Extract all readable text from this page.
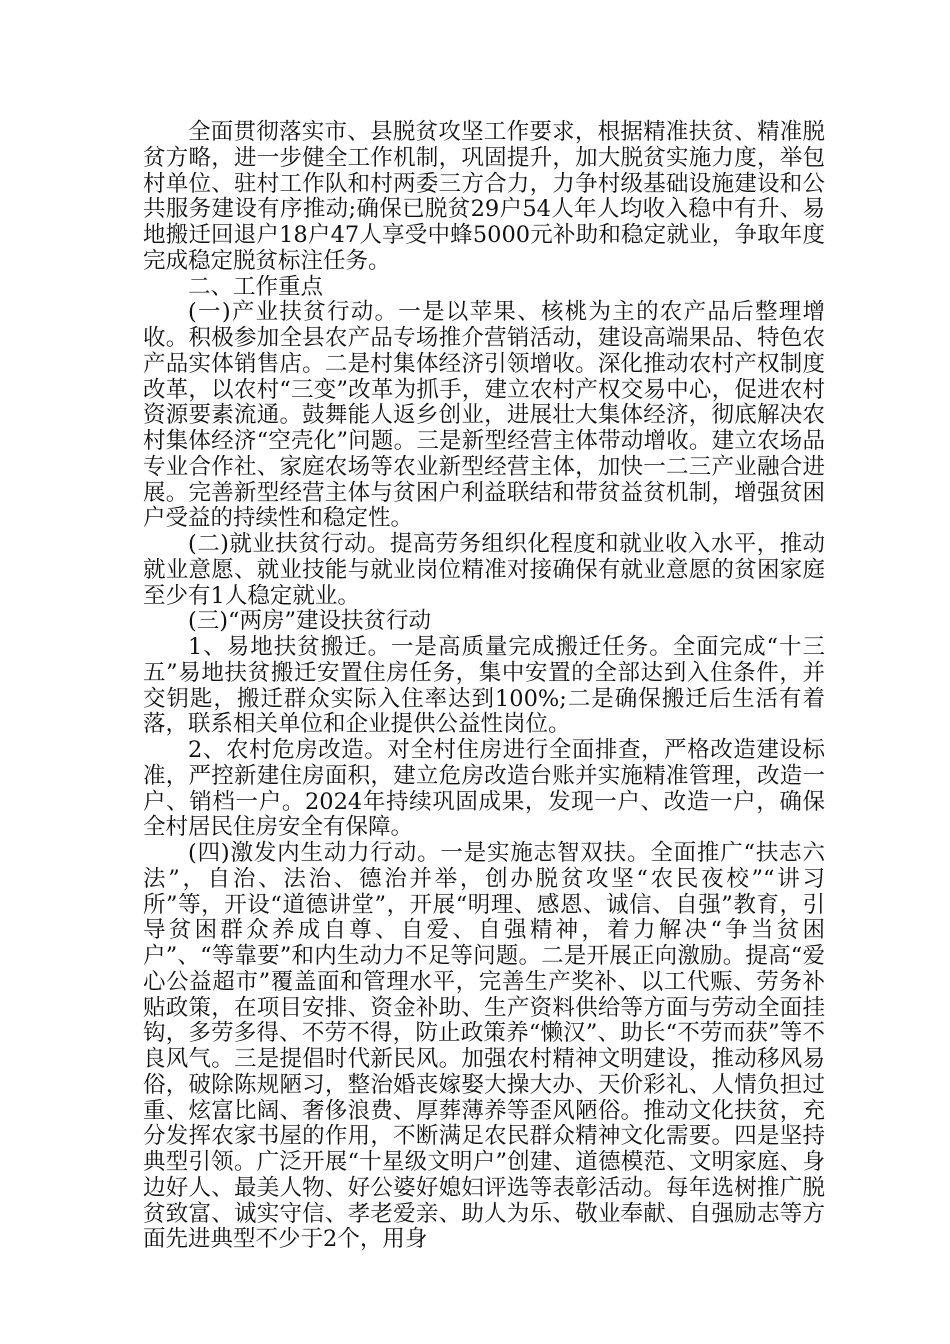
全面贯彻落实市、县脱贫攻坚工作要求，根据精准扶贫、精准脱贫方略，进一步健全工作机制，巩固提升，加大脱贫实施力度，举包村单位、驻村工作队和村两委三方合力，力争村级基础设施建设和公共服务建设有序推动;确保已脱贫29户54人年人均收入稳中有升、易地搬迁回退户18户47人享受中蜂5000元补助和稳定就业，争取年度完成稳定脱贫标注任务。

二、工作重点

(一)产业扶贫行动。一是以苹果、核桃为主的农产品后整理增收。积极参加全县农产品专场推介营销活动，建设高端果品、特色农产品实体销售店。二是村集体经济引领增收。深化推动农村产权制度改革，以农村“三变”改革为抓手，建立农村产权交易中心，促进农村资源要素流通。鼓舞能人返乡创业，进展壮大集体经济，彻底解决农村集体经济“空壳化”问题。三是新型经营主体带动增收。建立农场品专业合作社、家庭农场等农业新型经营主体，加快一二三产业融合进展。完善新型经营主体与贫困户利益联结和带贫益贫机制，增强贫困户受益的持续性和稳定性。

(二)就业扶贫行动。提高劳务组织化程度和就业收入水平，推动就业意愿、就业技能与就业岗位精准对接确保有就业意愿的贫困家庭至少有1人稳定就业。

(三)“两房”建设扶贫行动

1、易地扶贫搬迁。一是高质量完成搬迁任务。全面完成“十三五”易地扶贫搬迁安置住房任务，集中安置的全部达到入住条件，并交钥匙，搬迁群众实际入住率达到100%;二是确保搬迁后生活有着落，联系相关单位和企业提供公益性岗位。

2、农村危房改造。对全村住房进行全面排查，严格改造建设标准，严控新建住房面积，建立危房改造台账并实施精准管理，改造一户、销档一户。2024年持续巩固成果，发现一户、改造一户，确保全村居民住房安全有保障。

(四)激发内生动力行动。一是实施志智双扶。全面推广“扶志六法”，自治、法治、德治并举，创办脱贫攻坚“农民夜校”“讲习所”等，开设“道德讲堂”，开展“明理、感恩、诚信、自强”教育，引导贫困群众养成自尊、自爱、自强精神，着力解决“争当贫困户”、“等靠要”和内生动力不足等问题。二是开展正向激励。提高“爱心公益超市”覆盖面和管理水平，完善生产奖补、以工代赈、劳务补贴政策，在项目安排、资金补助、生产资料供给等方面与劳动全面挂钩，多劳多得、不劳不得，防止政策养“懒汉”、助长“不劳而获”等不良风气。三是提倡时代新民风。加强农村精神文明建设，推动移风易俗，破除陈规陋习，整治婚丧嫁娶大操大办、天价彩礼、人情负担过重、炫富比阔、奢侈浪费、厚葬薄养等歪风陋俗。推动文化扶贫，充分发挥农家书屋的作用，不断满足农民群众精神文化需要。四是坚持典型引领。广泛开展“十星级文明户”创建、道德模范、文明家庭、身边好人、最美人物、好公婆好媳妇评选等表彰活动。每年选树推广脱贫致富、诚实守信、孝老爱亲、助人为乐、敬业奉献、自强励志等方面先进典型不少于2个，用身
